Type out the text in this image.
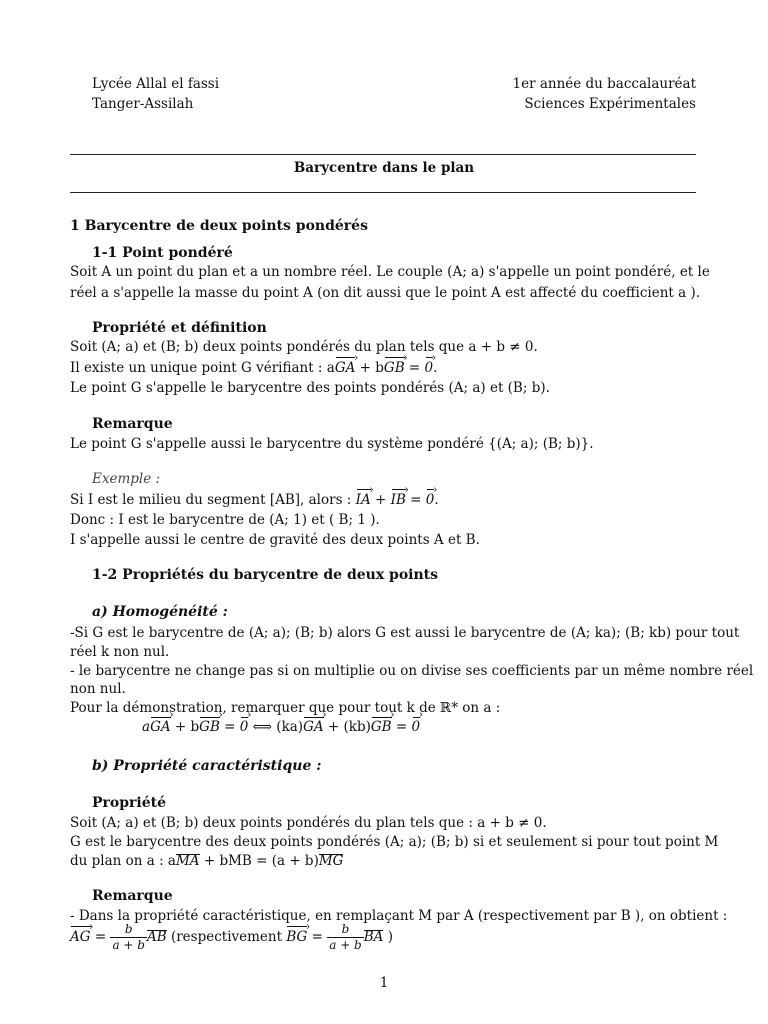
Lycée Allal el fassi
Tanger-Assilah
1er année du baccalauréat
Sciences Expérimentales
Barycentre dans le plan
1 Barycentre de deux points pondérés
1-1 Point pondéré
Soit A un point du plan et a un nombre réel. Le couple (A; a) s'appelle un point pondéré, et le
réel a s'appelle la masse du point A (on dit aussi que le point A est affecté du coefficient a ).
Propriété et définition
Soit (A; a) et (B; b) deux points pondérés du plan tels que a + b ≠ 0.
Il existe un unique point G vérifiant : aGA › + bGB › = 0 ›.
Le point G s'appelle le barycentre des points pondérés (A; a) et (B; b).
Remarque
Le point G s'appelle aussi le barycentre du système pondéré {(A; a); (B; b)}.
Exemple :
Si I est le milieu du segment [AB], alors : IA › + IB › = 0 ›.
Donc : I est le barycentre de (A; 1) et ( B; 1 ).
I s'appelle aussi le centre de gravité des deux points A et B.
1-2 Propriétés du barycentre de deux points
a) Homogénéité :
-Si G est le barycentre de (A; a); (B; b) alors G est aussi le barycentre de (A; ka); (B; kb) pour tout
réel k non nul.
- le barycentre ne change pas si on multiplie ou on divise ses coefficients par un même nombre réel
non nul.
Pour la démonstration, remarquer que pour tout k de ℝ* on a :
aGA › + bGB › = 0 › ⟺ (ka)GA › + (kb)GB › = 0 ›
b) Propriété caractéristique :
Propriété
Soit (A; a) et (B; b) deux points pondérés du plan tels que : a + b ≠ 0.
G est le barycentre des deux points pondérés (A; a); (B; b) si et seulement si pour tout point M
du plan on a : aMA + bMB = (a + b)MG
Remarque
- Dans la propriété caractéristique, en remplaçant M par A (respectivement par B ), on obtient :
AG › = $\frac{b}{a + b}$ AB (respectivement BG › = $\frac{b}{a + b}$ BA )
1
